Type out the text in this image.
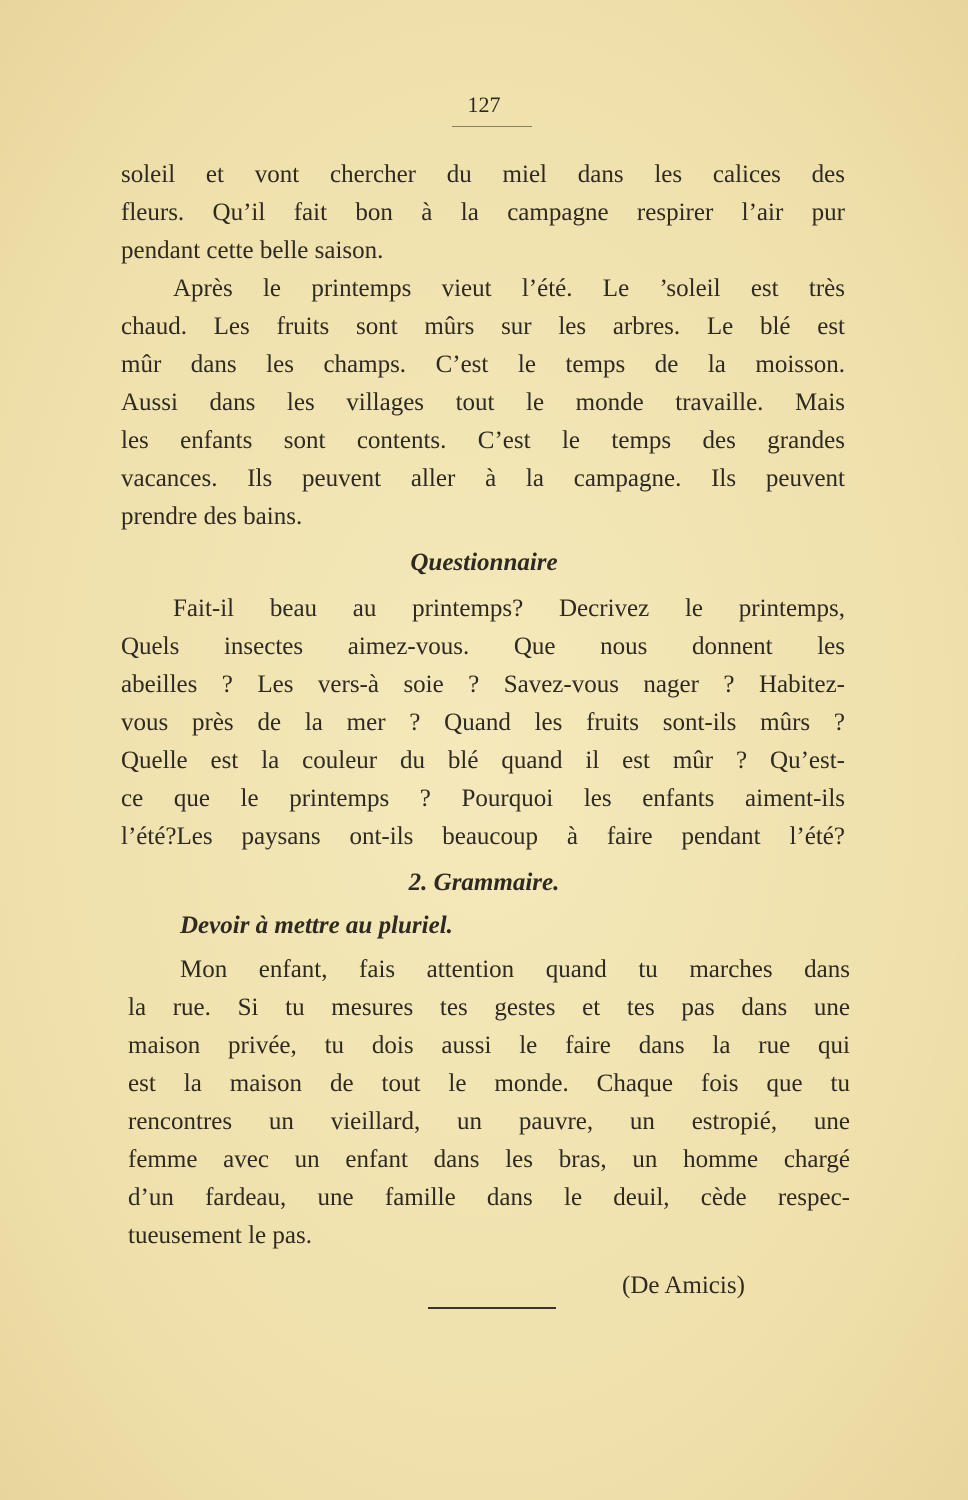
127
soleil et vont chercher du miel dans les calices des
fleurs. Qu’il fait bon à la campagne respirer l’air pur
pendant cette belle saison.
Après le printemps vieut l’été. Le ’soleil est très
chaud. Les fruits sont mûrs sur les arbres. Le blé est
mûr dans les champs. C’est le temps de la moisson.
Aussi dans les villages tout le monde travaille. Mais
les enfants sont contents. C’est le temps des grandes
vacances. Ils peuvent aller à la campagne. Ils peuvent
prendre des bains.
Questionnaire
Fait-il beau au printemps? Decrivez le printemps,
Quels insectes aimez-vous. Que nous donnent les
abeilles ? Les vers-à soie ? Savez-vous nager ? Habitez-
vous près de la mer ? Quand les fruits sont-ils mûrs ?
Quelle est la couleur du blé quand il est mûr ? Qu’est-
ce que le printemps ? Pourquoi les enfants aiment-ils
l’été?Les paysans ont-ils beaucoup à faire pendant l’été?
2. Grammaire.
Devoir à mettre au pluriel.
Mon enfant, fais attention quand tu marches dans
la rue. Si tu mesures tes gestes et tes pas dans une
maison privée, tu dois aussi le faire dans la rue qui
est la maison de tout le monde. Chaque fois que tu
rencontres un vieillard, un pauvre, un estropié, une
femme avec un enfant dans les bras, un homme chargé
d’un fardeau, une famille dans le deuil, cède respec-
tueusement le pas.
(De Amicis)
